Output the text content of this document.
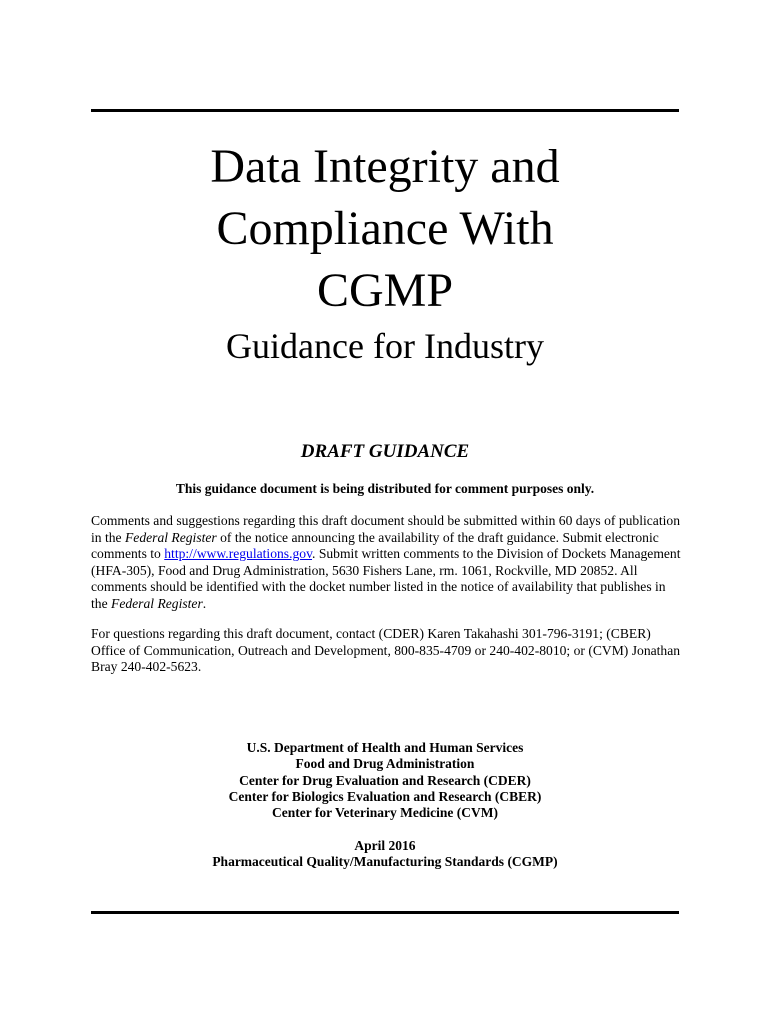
Data Integrity and
Compliance With
CGMP
Guidance for Industry
DRAFT GUIDANCE
This guidance document is being distributed for comment purposes only.
Comments and suggestions regarding this draft document should be submitted within 60 days of publication in the Federal Register of the notice announcing the availability of the draft guidance. Submit electronic comments to http://www.regulations.gov. Submit written comments to the Division of Dockets Management (HFA-305), Food and Drug Administration, 5630 Fishers Lane, rm. 1061, Rockville, MD 20852. All comments should be identified with the docket number listed in the notice of availability that publishes in the Federal Register.
For questions regarding this draft document, contact (CDER) Karen Takahashi 301-796-3191; (CBER) Office of Communication, Outreach and Development, 800-835-4709 or 240-402-8010; or (CVM) Jonathan Bray 240-402-5623.
U.S. Department of Health and Human Services
Food and Drug Administration
Center for Drug Evaluation and Research (CDER)
Center for Biologics Evaluation and Research (CBER)
Center for Veterinary Medicine (CVM)
April 2016
Pharmaceutical Quality/Manufacturing Standards (CGMP)
